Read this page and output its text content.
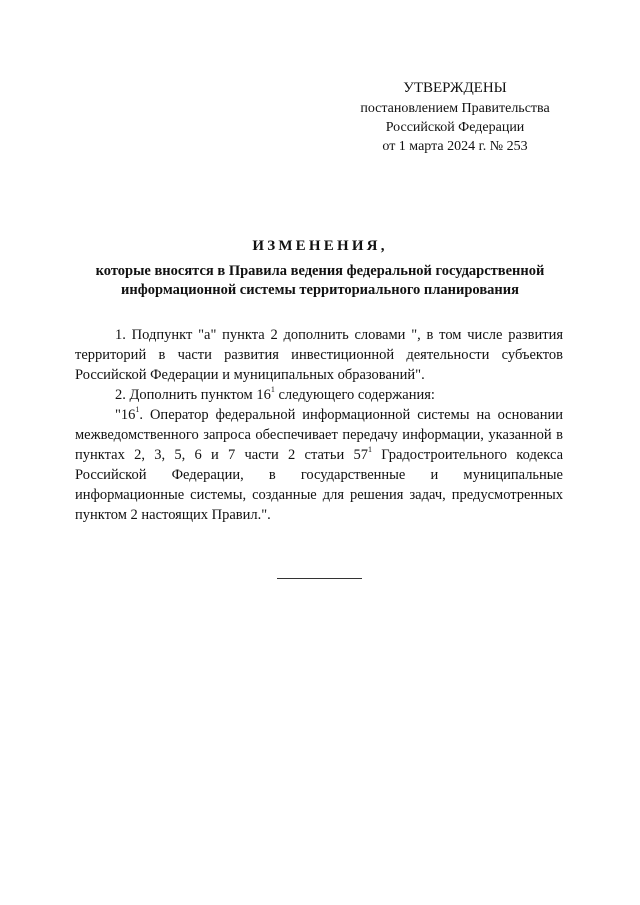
УТВЕРЖДЕНЫ
постановлением Правительства
Российской Федерации
от 1 марта 2024 г. № 253
ИЗМЕНЕНИЯ,
которые вносятся в Правила ведения федеральной государственной информационной системы территориального планирования

1. Подпункт "а" пункта 2 дополнить словами ", в том числе развития территорий в части развития инвестиционной деятельности субъектов Российской Федерации и муниципальных образований".

2. Дополнить пунктом $16^1$ следующего содержания:

"$16^1$. Оператор федеральной информационной системы на основании межведомственного запроса обеспечивает передачу информации, указанной в пунктах 2, 3, 5, 6 и 7 части 2 статьи $57^1$ Градостроительного кодекса Российской Федерации, в государственные и муниципальные информационные системы, созданные для решения задач, предусмотренных пунктом 2 настоящих Правил.".
